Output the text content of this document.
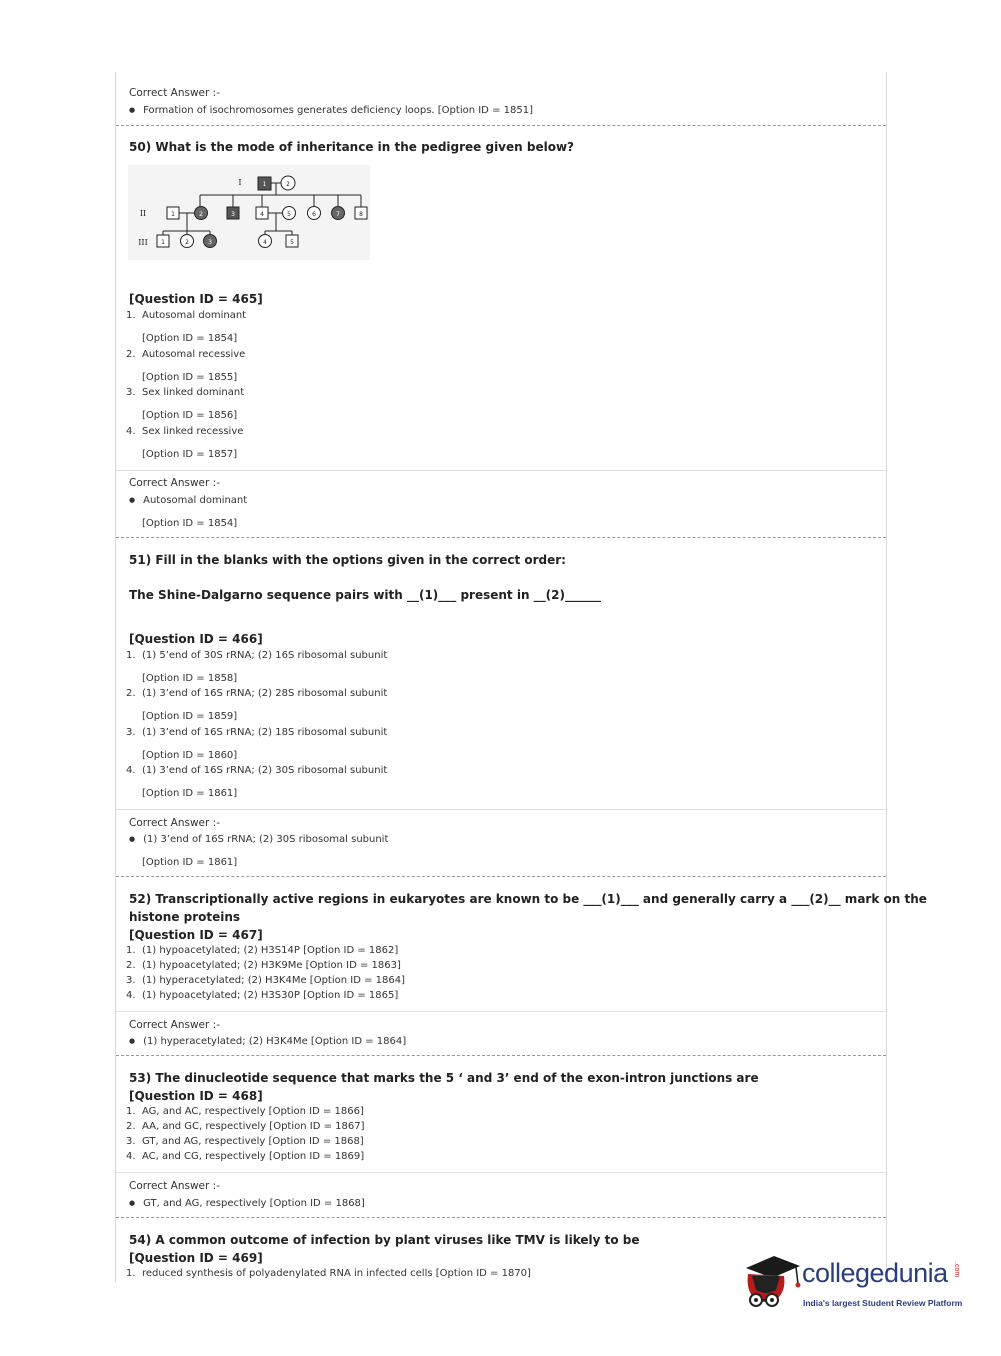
Correct Answer :-
● Formation of isochromosomes generates deficiency loops. [Option ID = 1851]
50) What is the mode of inheritance in the pedigree given below?
I
II
III
1	2
1	2	3	4	5	6	7	8
1	2	3	4	5
[Question ID = 465]
1. Autosomal dominant
[Option ID = 1854]
2. Autosomal recessive
[Option ID = 1855]
3. Sex linked dominant
[Option ID = 1856]
4. Sex linked recessive
[Option ID = 1857]
Correct Answer :-
● Autosomal dominant
[Option ID = 1854]
51) Fill in the blanks with the options given in the correct order:
The Shine-Dalgarno sequence pairs with __(1)___ present in __(2)______
[Question ID = 466]
1. (1) 5’end of 30S rRNA; (2) 16S ribosomal subunit
[Option ID = 1858]
2. (1) 3’end of 16S rRNA; (2) 28S ribosomal subunit
[Option ID = 1859]
3. (1) 3’end of 16S rRNA; (2) 18S ribosomal subunit
[Option ID = 1860]
4. (1) 3’end of 16S rRNA; (2) 30S ribosomal subunit
[Option ID = 1861]
Correct Answer :-
● (1) 3’end of 16S rRNA; (2) 30S ribosomal subunit
[Option ID = 1861]
52) Transcriptionally active regions in eukaryotes are known to be ___(1)___ and generally carry a ___(2)__ mark on the
histone proteins
[Question ID = 467]
1. (1) hypoacetylated; (2) H3S14P [Option ID = 1862]
2. (1) hypoacetylated; (2) H3K9Me [Option ID = 1863]
3. (1) hyperacetylated; (2) H3K4Me [Option ID = 1864]
4. (1) hypoacetylated; (2) H3S30P [Option ID = 1865]
Correct Answer :-
● (1) hyperacetylated; (2) H3K4Me [Option ID = 1864]
53) The dinucleotide sequence that marks the 5 ‘ and 3’ end of the exon-intron junctions are
[Question ID = 468]
1. AG, and AC, respectively [Option ID = 1866]
2. AA, and GC, respectively [Option ID = 1867]
3. GT, and AG, respectively [Option ID = 1868]
4. AC, and CG, respectively [Option ID = 1869]
Correct Answer :-
● GT, and AG, respectively [Option ID = 1868]
54) A common outcome of infection by plant viruses like TMV is likely to be
[Question ID = 469]
1. reduced synthesis of polyadenylated RNA in infected cells [Option ID = 1870]	collegedunia .com
India's largest Student Review Platform
